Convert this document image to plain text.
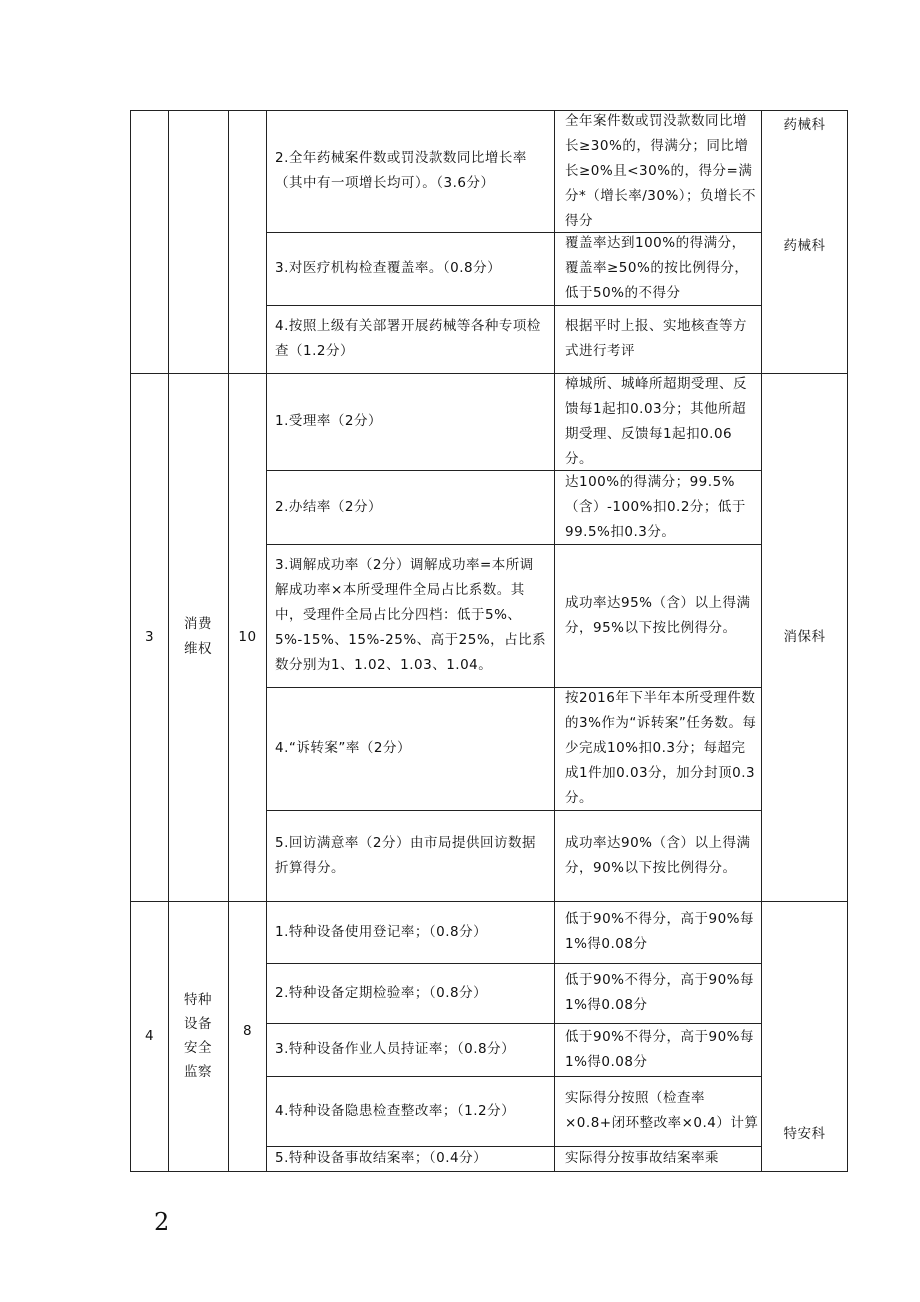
2.全年药械案件数或罚没款数同比增长率（其中有一项增长均可）。（3.6分）
全年案件数或罚没款数同比增长≥30%的，得满分；同比增长≥0%且<30%的，得分=满分*（增长率/30%）；负增长不得分
药械科
3.对医疗机构检查覆盖率。（0.8分）
覆盖率达到100%的得满分，覆盖率≥50%的按比例得分，低于50%的不得分
药械科
4.按照上级有关部署开展药械等各种专项检查（1.2分）
根据平时上报、实地核查等方式进行考评
3
消费维权
10	消保科
1.受理率（2分）
樟城所、城峰所超期受理、反馈每1起扣0.03分；其他所超期受理、反馈每1起扣0.06分。
2.办结率（2分）
达100%的得满分；99.5%（含）-100%扣0.2分；低于99.5%扣0.3分。
3.调解成功率（2分）调解成功率=本所调解成功率×本所受理件全局占比系数。其中，受理件全局占比分四档：低于5%、5%-15%、15%-25%、高于25%，占比系数分别为1、1.02、1.03、1.04。
成功率达95%（含）以上得满分，95%以下按比例得分。
4.“诉转案”率（2分）
按2016年下半年本所受理件数的3%作为“诉转案”任务数。每少完成10%扣0.3分；每超完成1件加0.03分，加分封顶0.3分。
5.回访满意率（2分）由市局提供回访数据折算得分。
成功率达90%（含）以上得满分，90%以下按比例得分。
4
特种设备安全监察
8
特安科
1.特种设备使用登记率；（0.8分）
低于90%不得分，高于90%每1%得0.08分
2.特种设备定期检验率；（0.8分）
低于90%不得分，高于90%每1%得0.08分
3.特种设备作业人员持证率；（0.8分）
低于90%不得分，高于90%每1%得0.08分
4.特种设备隐患检查整改率；（1.2分）
实际得分按照（检查率×0.8+闭环整改率×0.4）计算
5.特种设备事故结案率；（0.4分）	实际得分按事故结案率乘
2
